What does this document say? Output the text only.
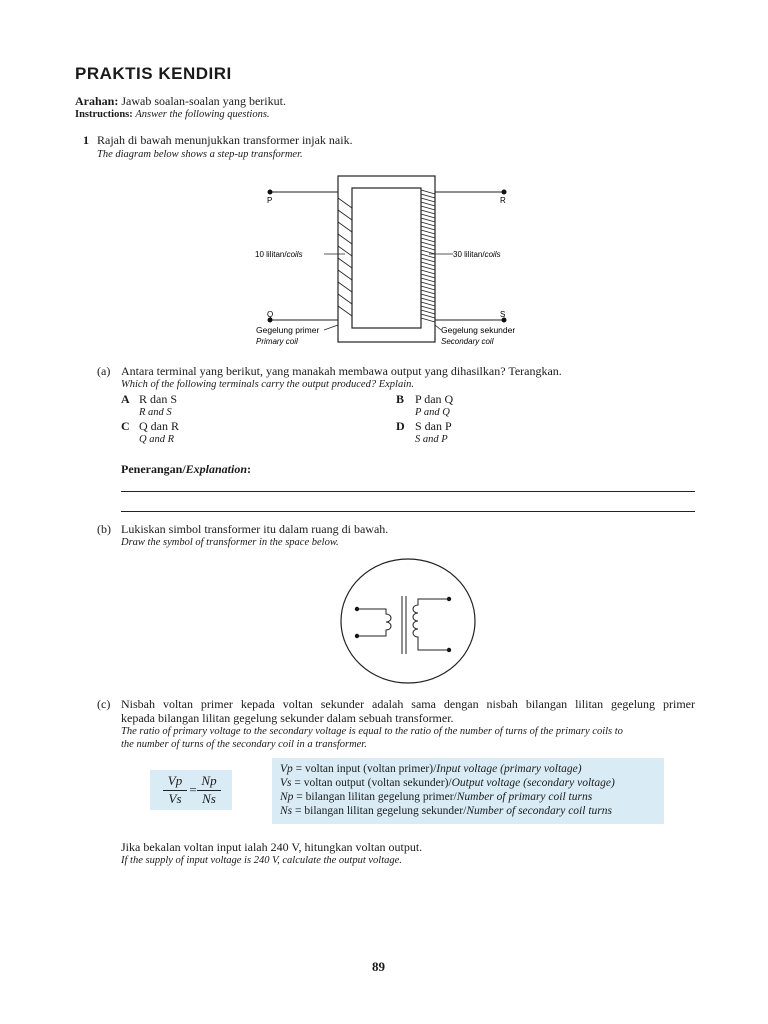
PRAKTIS KENDIRI
Arahan: Jawab soalan-soalan yang berikut.
Instructions: Answer the following questions.
1 Rajah di bawah menunjukkan transformer injak naik.
The diagram below shows a step-up transformer.
P	R
Q	S
10 lilitan/coils	30 lilitan/coils
Gegelung primer
Primary coil
Gegelung sekunder
Secondary coil
(a) Antara terminal yang berikut, yang manakah membawa output yang dihasilkan? Terangkan.
Which of the following terminals carry the output produced? Explain.
A R dan S
R and S
B P dan Q
P and Q
C Q dan R
Q and R
D S dan P
S and P
Penerangan/Explanation:
(b) Lukiskan simbol transformer itu dalam ruang di bawah.
Draw the symbol of transformer in the space below.
(c) Nisbah voltan primer kepada voltan sekunder adalah sama dengan nisbah bilangan lilitan gegelung primer
kepada bilangan lilitan gegelung sekunder dalam sebuah transformer.
The ratio of primary voltage to the secondary voltage is equal to the ratio of the number of turns of the primary coils to
the number of turns of the secondary coil in a transformer.
Vp
Vs
=
Np
Ns
Vp = voltan input (voltan primer)/Input voltage (primary voltage)
Vs = voltan output (voltan sekunder)/Output voltage (secondary voltage)
Np = bilangan lilitan gegelung primer/Number of primary coil turns
Ns = bilangan lilitan gegelung sekunder/Number of secondary coil turns
Jika bekalan voltan input ialah 240 V, hitungkan voltan output.
If the supply of input voltage is 240 V, calculate the output voltage.
89
